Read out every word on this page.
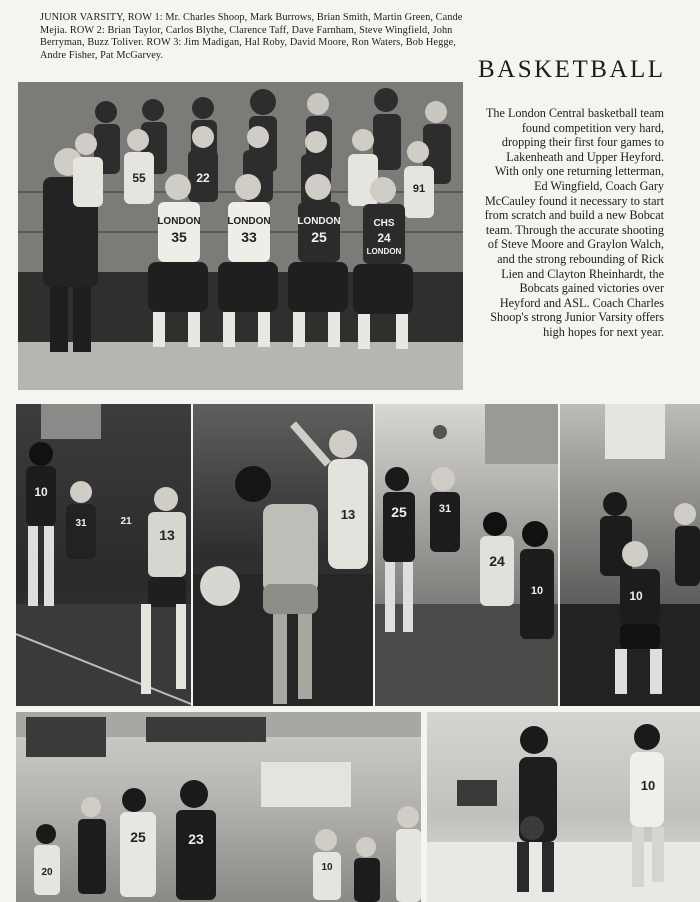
JUNIOR VARSITY, ROW 1: Mr. Charles Shoop, Mark Burrows, Brian Smith, Martin Green, Cande Mejia. ROW 2: Brian Taylor, Carlos Blythe, Clarence Taff, Dave Farnham, Steve Wingfield, John Berryman, Buzz Toliver. ROW 3: Jim Madigan, Hal Roby, David Moore, Ron Waters, Bob Hegge, Andre Fisher, Pat McGarvey.
BASKETBALL
The London Central basketball team found competition very hard, dropping their first four games to Lakenheath and Upper Heyford. With only one returning letterman, Ed Wingfield, Coach Gary McCauley found it necessary to start from scratch and build a new Bobcat team. Through the accurate shooting of Steve Moore and Graylon Walch, and the strong rebounding of Rick Lien and Clayton Rheinhardt, the Bobcats gained victories over Heyford and ASL. Coach Charles Shoop's strong Junior Varsity offers high hopes for next year.
LONDON
35
LONDON
33
LONDON
25
CHS
24
LONDON
55	22
91
10
13
31	21	13	25	31
24
10	10
20
25	23
10
10
